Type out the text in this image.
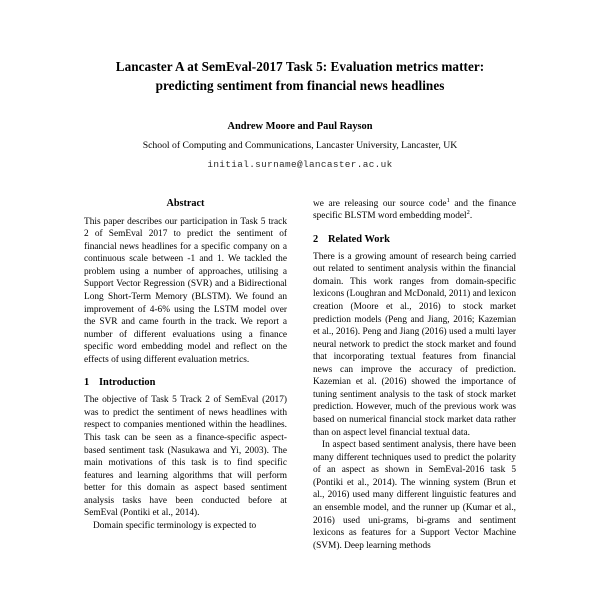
Lancaster A at SemEval-2017 Task 5: Evaluation metrics matter:
predicting sentiment from financial news headlines
Andrew Moore and Paul Rayson
School of Computing and Communications, Lancaster University, Lancaster, UK
initial.surname@lancaster.ac.uk
Abstract

This paper describes our participation in Task 5 track 2 of SemEval 2017 to predict the sentiment of financial news headlines for a specific company on a continuous scale between -1 and 1. We tackled the problem using a number of approaches, utilising a Support Vector Regression (SVR) and a Bidirectional Long Short-Term Memory (BLSTM). We found an improvement of 4-6% using the LSTM model over the SVR and came fourth in the track. We report a number of different evaluations using a finance specific word embedding model and reflect on the effects of using different evaluation metrics.

1 Introduction

The objective of Task 5 Track 2 of SemEval (2017) was to predict the sentiment of news headlines with respect to companies mentioned within the headlines. This task can be seen as a finance-specific aspect-based sentiment task (Nasukawa and Yi, 2003). The main motivations of this task is to find specific features and learning algorithms that will perform better for this domain as aspect based sentiment analysis tasks have been conducted before at SemEval (Pontiki et al., 2014).

Domain specific terminology is expected to

we are releasing our source code$^1$ and the finance specific BLSTM word embedding model$^2$.

2 Related Work

There is a growing amount of research being carried out related to sentiment analysis within the financial domain. This work ranges from domain-specific lexicons (Loughran and McDonald, 2011) and lexicon creation (Moore et al., 2016) to stock market prediction models (Peng and Jiang, 2016; Kazemian et al., 2016). Peng and Jiang (2016) used a multi layer neural network to predict the stock market and found that incorporating textual features from financial news can improve the accuracy of prediction. Kazemian et al. (2016) showed the importance of tuning sentiment analysis to the task of stock market prediction. However, much of the previous work was based on numerical financial stock market data rather than on aspect level financial textual data.

In aspect based sentiment analysis, there have been many different techniques used to predict the polarity of an aspect as shown in SemEval-2016 task 5 (Pontiki et al., 2014). The winning system (Brun et al., 2016) used many different linguistic features and an ensemble model, and the runner up (Kumar et al., 2016) used uni-grams, bi-grams and sentiment lexicons as features for a Support Vector Machine (SVM). Deep learning methods
